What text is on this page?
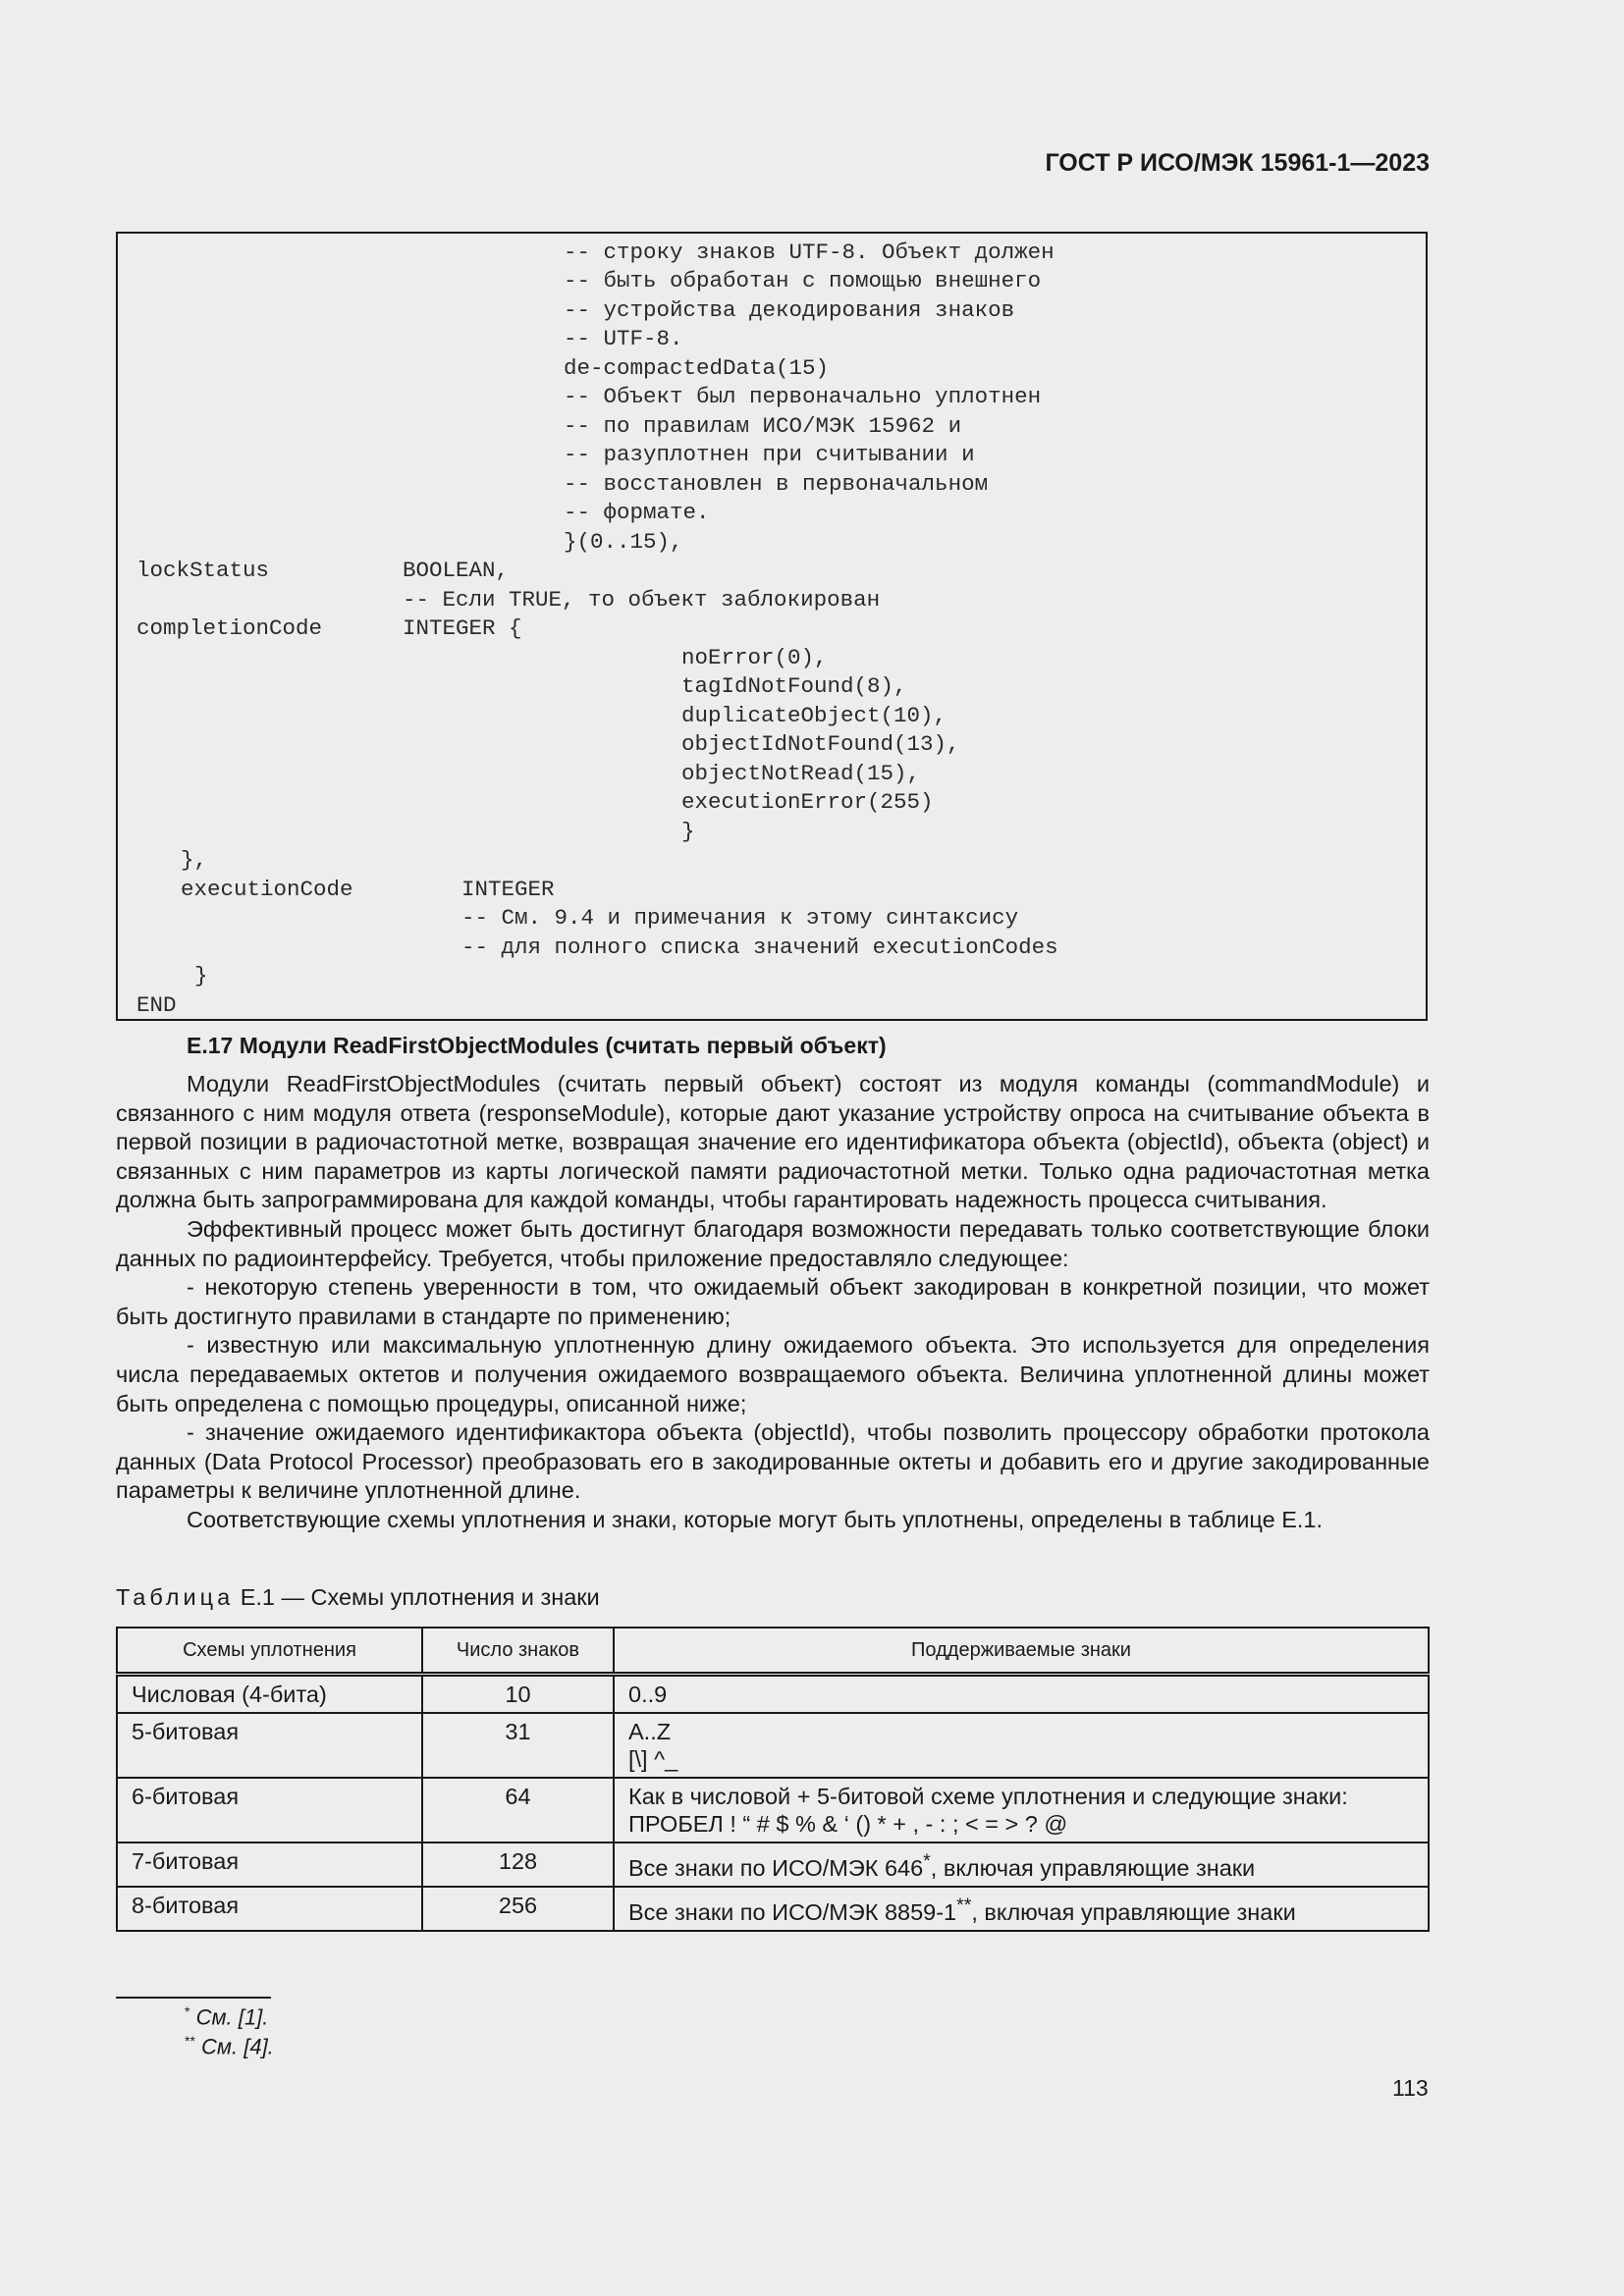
ГОСТ Р ИСО/МЭК 15961-1—2023
-- строку знаков UTF-8. Объект должен
-- быть обработан с помощью внешнего
-- устройства декодирования знаков
-- UTF-8.
de-compactedData(15)
-- Объект был первоначально уплотнен
-- по правилам ИСО/МЭК 15962 и
-- разуплотнен при считывании и
-- восстановлен в первоначальном
-- формате.
}(0..15),
lockStatus	BOOLEAN,
-- Если TRUE, то объект заблокирован
completionCode	INTEGER {
noError(0),
tagIdNotFound(8),
duplicateObject(10),
objectIdNotFound(13),
objectNotRead(15),
executionError(255)
}
},
executionCode	INTEGER
-- См. 9.4 и примечания к этому синтаксису
-- для полного списка значений executionCodes
}
END
E.17 Модули ReadFirstObjectModules (считать первый объект)

Модули ReadFirstObjectModules (считать первый объект) состоят из модуля команды (commandModule) и связанного с ним модуля ответа (responseModule), которые дают указание устройству опроса на считывание объекта в первой позиции в радиочастотной метке, возвращая значение его идентификатора объекта (objectId), объекта (object) и связанных с ним параметров из карты логической памяти радиочастотной метки. Только одна радиочастотная метка должна быть запрограммирована для каждой команды, чтобы гарантировать надежность процесса считывания.

Эффективный процесс может быть достигнут благодаря возможности передавать только соответствующие блоки данных по радиоинтерфейсу. Требуется, чтобы приложение предоставляло следующее:

- некоторую степень уверенности в том, что ожидаемый объект закодирован в конкретной позиции, что может быть достигнуто правилами в стандарте по применению;

- известную или максимальную уплотненную длину ожидаемого объекта. Это используется для определения числа передаваемых октетов и получения ожидаемого возвращаемого объекта. Величина уплотненной длины может быть определена с помощью процедуры, описанной ниже;

- значение ожидаемого идентификактора объекта (objectId), чтобы позволить процессору обработки протокола данных (Data Protocol Processor) преобразовать его в закодированные октеты и добавить его и другие закодированные параметры к величине уплотненной длине.

Соответствующие схемы уплотнения и знаки, которые могут быть уплотнены, определены в таблице E.1.

Таблица E.1 — Схемы уплотнения и знаки
Схемы уплотнения	Число знаков	Поддерживаемые знаки
Числовая (4-бита)	10	0..9
5-битовая	31	A..Z
[\] ^_

6-битовая	64	Как в числовой + 5-битовой схеме уплотнения и следующие знаки:
ПРОБЕЛ ! “ # $ % & ‘ () * + , - : ; < = > ? @

7-битовая	128	Все знаки по ИСО/МЭК 646*, включая управляющие знаки
8-битовая	256	Все знаки по ИСО/МЭК 8859-1**, включая управляющие знаки
* См. [1].
** См. [4].
113
